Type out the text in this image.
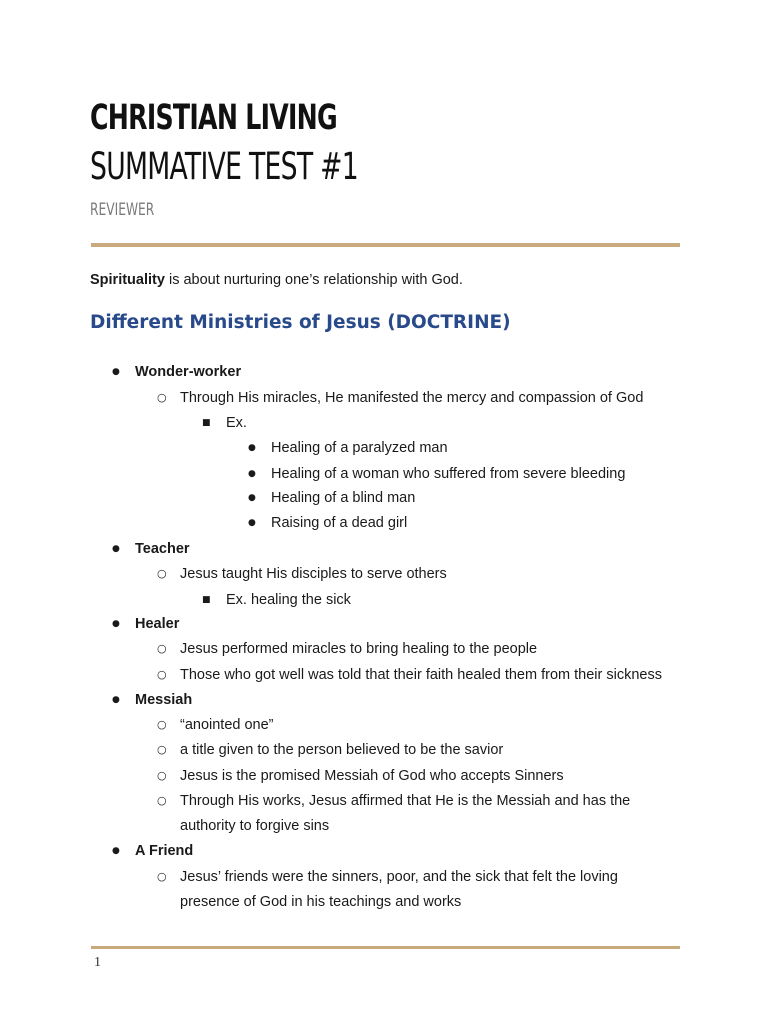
CHRISTIAN LIVING
SUMMATIVE TEST #1
REVIEWER

Spirituality is about nurturing one’s relationship with God.

Different Ministries of Jesus (DOCTRINE)
● Wonder-worker

○ Through His miracles, He manifested the mercy and compassion of God

■ Ex.

● Healing of a paralyzed man

● Healing of a woman who suffered from severe bleeding

● Healing of a blind man

● Raising of a dead girl

● Teacher

○ Jesus taught His disciples to serve others

■ Ex. healing the sick

● Healer

○ Jesus performed miracles to bring healing to the people

○ Those who got well was told that their faith healed them from their sickness

● Messiah

○ “anointed one”

○ a title given to the person believed to be the savior

○ Jesus is the promised Messiah of God who accepts Sinners

○ Through His works, Jesus affirmed that He is the Messiah and has the

authority to forgive sins

● A Friend

○ Jesus’ friends were the sinners, poor, and the sick that felt the loving

presence of God in his teachings and works

1
